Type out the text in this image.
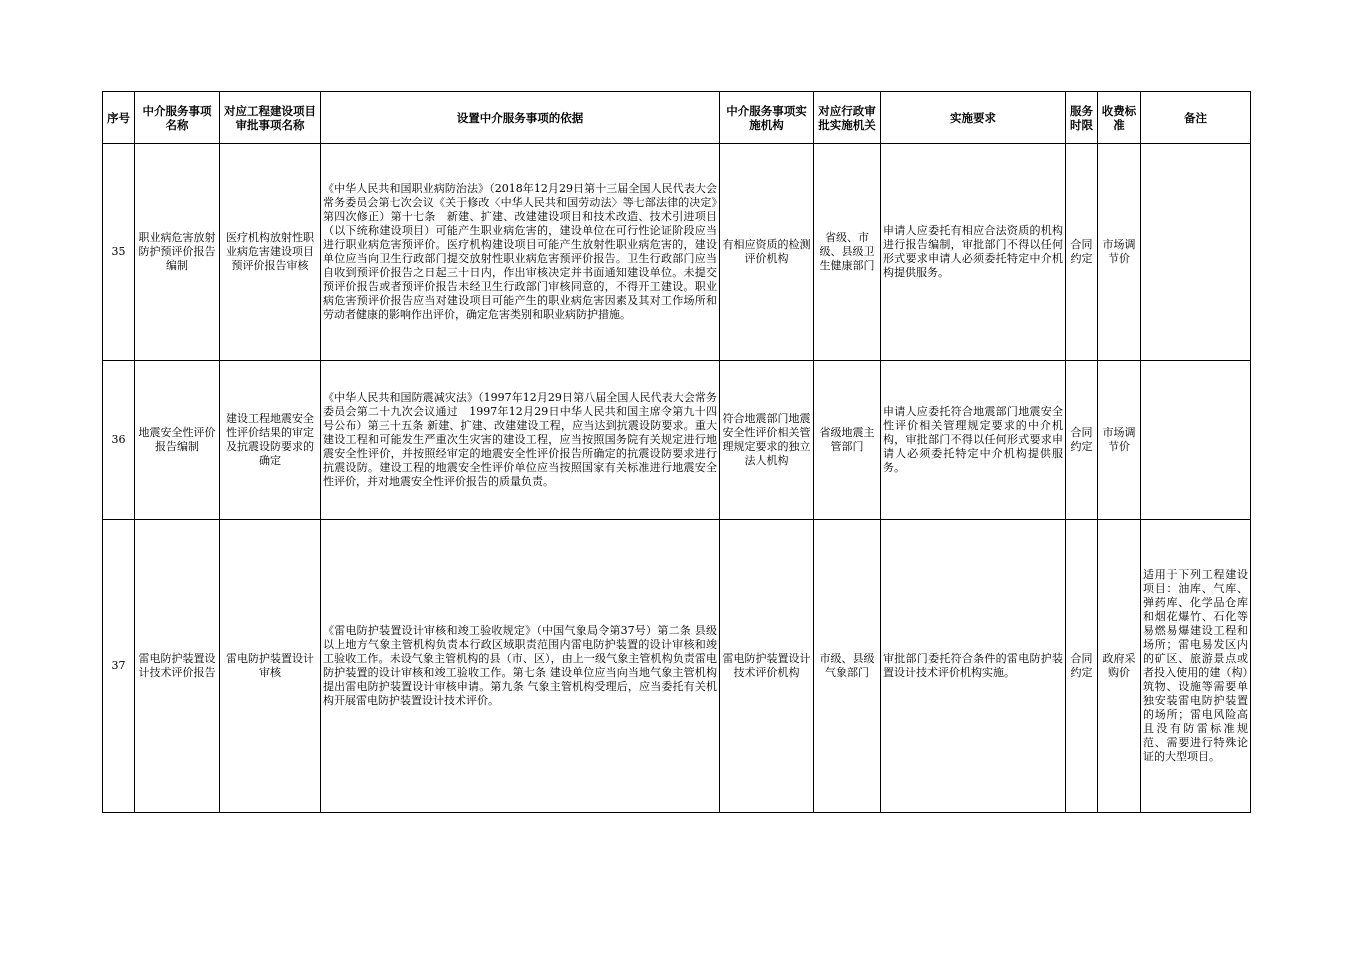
序号	中介服务事项名称	对应工程建设项目审批事项名称	设置中介服务事项的依据	中介服务事项实施机构	对应行政审批实施机关	实施要求	服务时限	收费标准	备注
35	职业病危害放射防护预评价报告编制	医疗机构放射性职业病危害建设项目预评价报告审核	《中华人民共和国职业病防治法》（2018年12月29日第十三届全国人民代表大会常务委员会第七次会议《关于修改〈中华人民共和国劳动法〉等七部法律的决定》第四次修正）第十七条　新建、扩建、改建建设项目和技术改造、技术引进项目（以下统称建设项目）可能产生职业病危害的，建设单位在可行性论证阶段应当进行职业病危害预评价。医疗机构建设项目可能产生放射性职业病危害的，建设单位应当向卫生行政部门提交放射性职业病危害预评价报告。卫生行政部门应当自收到预评价报告之日起三十日内，作出审核决定并书面通知建设单位。未提交预评价报告或者预评价报告未经卫生行政部门审核同意的，不得开工建设。职业病危害预评价报告应当对建设项目可能产生的职业病危害因素及其对工作场所和劳动者健康的影响作出评价，确定危害类别和职业病防护措施。	有相应资质的检测评价机构	省级、市级、县级卫生健康部门	申请人应委托有相应合法资质的机构进行报告编制，审批部门不得以任何形式要求申请人必须委托特定中介机构提供服务。	合同约定	市场调节价	
36	地震安全性评价报告编制	建设工程地震安全性评价结果的审定及抗震设防要求的确定	《中华人民共和国防震减灾法》（1997年12月29日第八届全国人民代表大会常务委员会第二十九次会议通过　1997年12月29日中华人民共和国主席令第九十四号公布）第三十五条 新建、扩建、改建建设工程，应当达到抗震设防要求。重大建设工程和可能发生严重次生灾害的建设工程，应当按照国务院有关规定进行地震安全性评价，并按照经审定的地震安全性评价报告所确定的抗震设防要求进行抗震设防。建设工程的地震安全性评价单位应当按照国家有关标准进行地震安全性评价，并对地震安全性评价报告的质量负责。	符合地震部门地震安全性评价相关管理规定要求的独立法人机构	省级地震主管部门	申请人应委托符合地震部门地震安全性评价相关管理规定要求的中介机构，审批部门不得以任何形式要求申请人必须委托特定中介机构提供服务。	合同约定	市场调节价	
37	雷电防护装置设计技术评价报告	雷电防护装置设计审核	《雷电防护装置设计审核和竣工验收规定》（中国气象局令第37号）第二条 县级以上地方气象主管机构负责本行政区域职责范围内雷电防护装置的设计审核和竣工验收工作。未设气象主管机构的县（市、区），由上一级气象主管机构负责雷电防护装置的设计审核和竣工验收工作。第七条 建设单位应当向当地气象主管机构提出雷电防护装置设计审核申请。第九条 气象主管机构受理后，应当委托有关机构开展雷电防护装置设计技术评价。	雷电防护装置设计技术评价机构	市级、县级气象部门	审批部门委托符合条件的雷电防护装置设计技术评价机构实施。	合同约定	政府采购价	适用于下列工程建设项目：油库、气库、弹药库、化学品仓库和烟花爆竹、石化等易燃易爆建设工程和场所；雷电易发区内的矿区、旅游景点或者投入使用的建（构）筑物、设施等需要单独安装雷电防护装置的场所；雷电风险高且没有防雷标准规范、需要进行特殊论证的大型项目。
